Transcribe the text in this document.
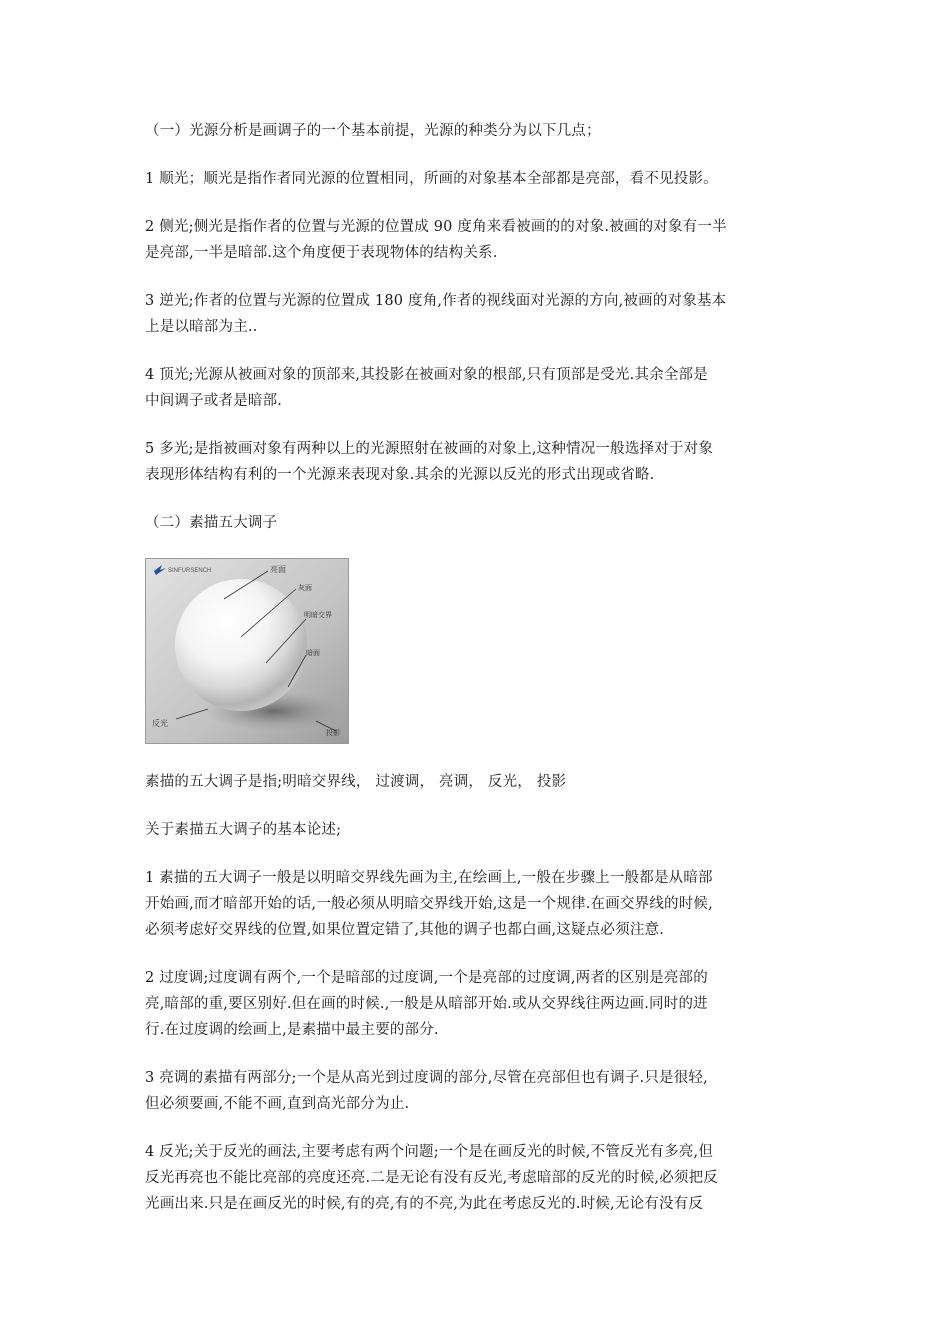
（一）光源分析是画调子的一个基本前提，光源的种类分为以下几点；

1 顺光；顺光是指作者同光源的位置相同，所画的对象基本全部都是亮部，看不见投影。

2 侧光;侧光是指作者的位置与光源的位置成 90 度角来看被画的的对象.被画的对象有一半
是亮部,一半是暗部.这个角度便于表现物体的结构关系.

3 逆光;作者的位置与光源的位置成 180 度角,作者的视线面对光源的方向,被画的对象基本
上是以暗部为主..

4 顶光;光源从被画对象的顶部来,其投影在被画对象的根部,只有顶部是受光.其余全部是
中间调子或者是暗部.

5 多光;是指被画对象有两种以上的光源照射在被画的对象上,这种情况一般选择对于对象
表现形体结构有利的一个光源来表现对象.其余的光源以反光的形式出现或省略.

（二）素描五大调子

SINFURSENCH	亮面
灰面
明暗交界
暗面
反光
投影

素描的五大调子是指;明暗交界线， 过渡调， 亮调， 反光， 投影

关于素描五大调子的基本论述;

1 素描的五大调子一般是以明暗交界线先画为主,在绘画上,一般在步骤上一般都是从暗部
开始画,而才暗部开始的话,一般必须从明暗交界线开始,这是一个规律.在画交界线的时候,
必须考虑好交界线的位置,如果位置定错了,其他的调子也都白画,这疑点必须注意.

2 过度调;过度调有两个,一个是暗部的过度调,一个是亮部的过度调,两者的区别是亮部的
亮,暗部的重,要区别好.但在画的时候.,一般是从暗部开始.或从交界线往两边画.同时的进
行.在过度调的绘画上,是素描中最主要的部分.

3 亮调的素描有两部分;一个是从高光到过度调的部分,尽管在亮部但也有调子.只是很轻,
但必须要画,不能不画,直到高光部分为止.

4 反光;关于反光的画法,主要考虑有两个问题;一个是在画反光的时候,不管反光有多亮,但
反光再亮也不能比亮部的亮度还亮.二是无论有没有反光,考虑暗部的反光的时候,必须把反
光画出来.只是在画反光的时候,有的亮,有的不亮,为此在考虑反光的.时候,无论有没有反
